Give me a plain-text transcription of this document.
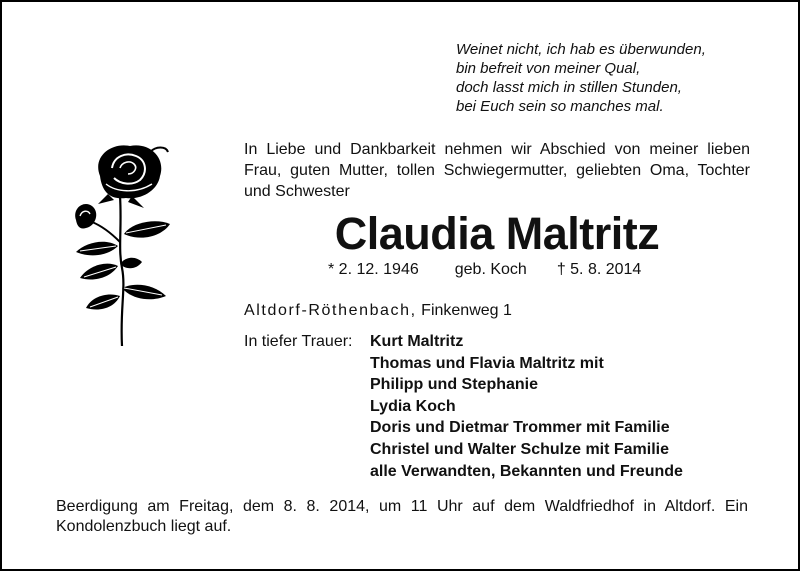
Weinet nicht, ich hab es überwunden,
bin befreit von meiner Qual,
doch lasst mich in stillen Stunden,
bei Euch sein so manches mal.
In Liebe und Dankbarkeit nehmen wir Abschied von meiner lieben Frau, guten Mutter, tollen Schwiegermutter, geliebten Oma, Tochter und Schwester
Claudia Maltritz
* 2. 12. 1946 geb. Koch † 5. 8. 2014
Altdorf-Röthenbach, Finkenweg 1
In tiefer Trauer: Kurt Maltritz
Thomas und Flavia Maltritz mit
Philipp und Stephanie
Lydia Koch
Doris und Dietmar Trommer mit Familie
Christel und Walter Schulze mit Familie
alle Verwandten, Bekannten und Freunde
Beerdigung am Freitag, dem 8. 8. 2014, um 11 Uhr auf dem Waldfriedhof in Altdorf. Ein Kondolenzbuch liegt auf.
